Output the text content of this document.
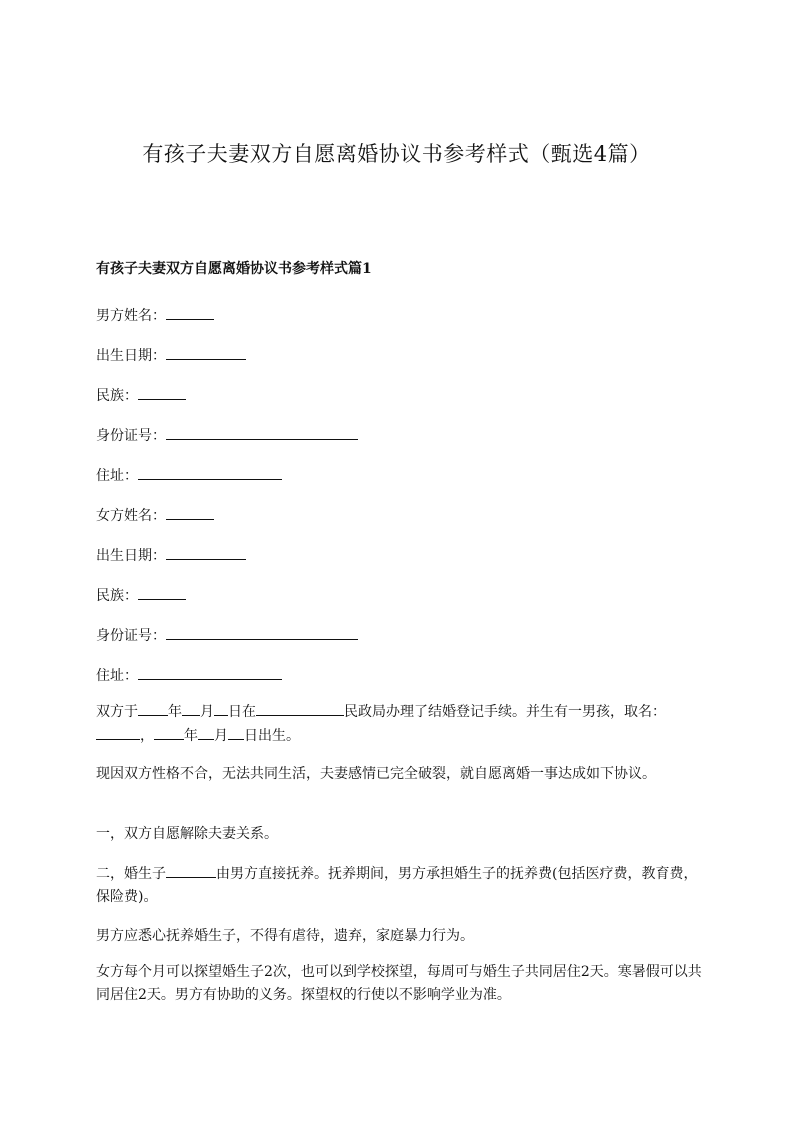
有孩子夫妻双方自愿离婚协议书参考样式（甄选4篇）
有孩子夫妻双方自愿离婚协议书参考样式篇1

男方姓名：

出生日期：

民族：

身份证号：

住址：

女方姓名：

出生日期：

民族：

身份证号：

住址：

双方于 年 月 日在	民政局办理了结婚登记手续。并生有一男孩，取名：， 年 月 日出生。

现因双方性格不合，无法共同生活，夫妻感情已完全破裂，就自愿离婚一事达成如下协议。

一，双方自愿解除夫妻关系。

二，婚生子	由男方直接抚养。抚养期间，男方承担婚生子的抚养费(包括医疗费，教育费，保险费)。

男方应悉心抚养婚生子，不得有虐待，遗弃，家庭暴力行为。

女方每个月可以探望婚生子2次，也可以到学校探望，每周可与婚生子共同居住2天。寒暑假可以共同居住2天。男方有协助的义务。探望权的行使以不影响学业为准。
